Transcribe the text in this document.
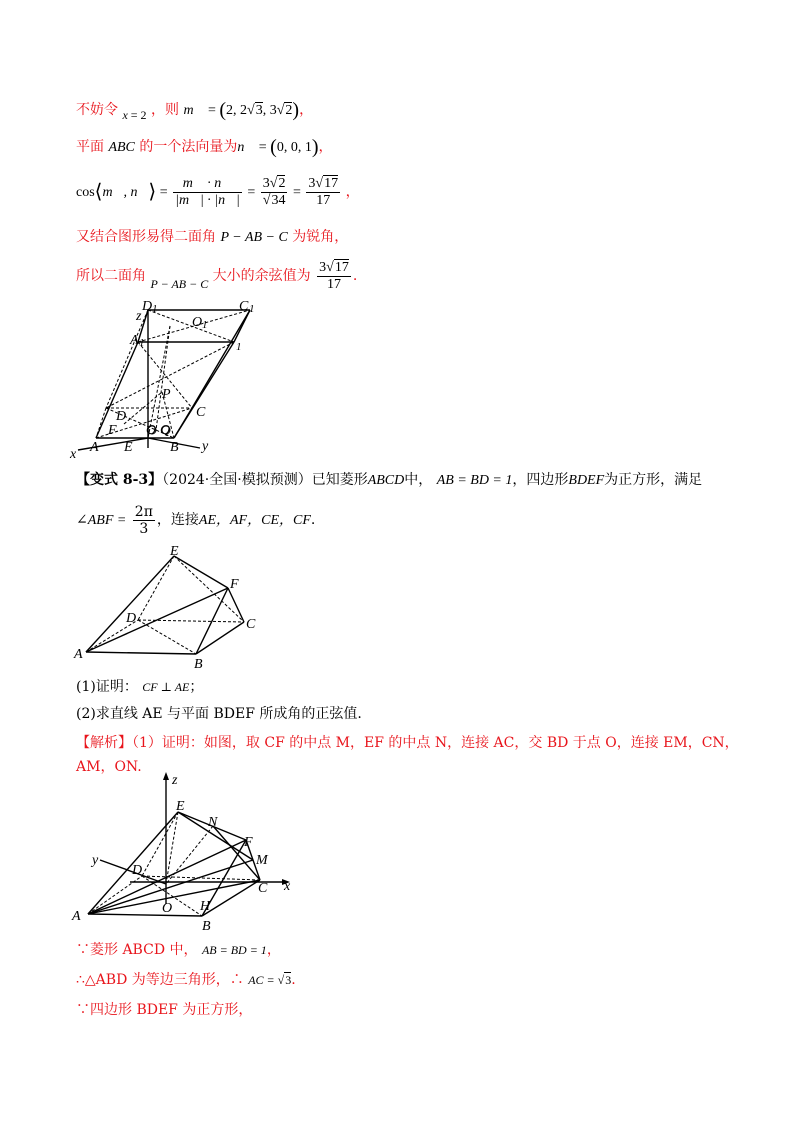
不妨令 x = 2 ，则 m⃗ = (2, 2√3, 3√2)，
平面 ABC 的一个法向量为n⃗ = (0, 0, 1)，
cos⟨m⃗, n⃗⟩ = $\frac{m⃗ \cdot n⃗}{|m⃗| \cdot |n⃗|} = \frac{3√2}{√34} = \frac{3√17}{17}$ ，
又结合图形易得二面角 P − AB − C 为锐角，
所以二面角 P − AB − C 大小的余弦值为 $\frac{3√17}{17}$ .
D 1	C 1
z	O 1
A 1	1
P
D	C
F O Q
x A E	B y
【变式 8-3】（2024·全国·模拟预测）已知菱形ABCD中， AB = BD = 1，四边形BDEF为正方形，满足
∠ABF = $\frac{2\pi}{3}$ ，连接AE，AF，CE，CF.
E
F
D	C
A
B
(1)证明： CF ⊥ AE；
(2)求直线 AE 与平面 BDEF 所成角的正弦值.
【解析】（1）证明：如图，取 CF 的中点 M，EF 的中点 N，连接 AC，交 BD 于点 O，连接 EM，CN，
AM，ON.
z
E
N
F
M
y
D
C x
A
O H
B
∵菱形 ABCD 中， AB = BD = 1，
∴△ABD 为等边三角形，∴ AC = √3.
∵四边形 BDEF 为正方形，
